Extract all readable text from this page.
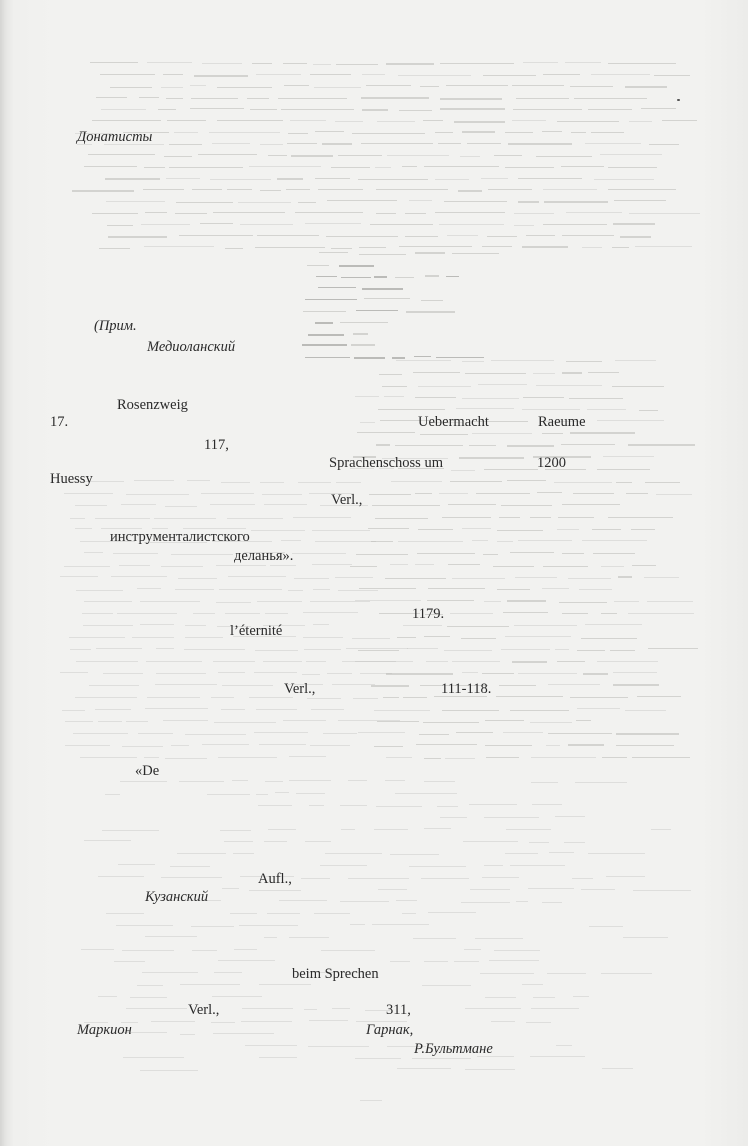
Донатисты
(Прим.
Медиоланский
Rosenzweig
17.	Uebermacht	Raeume
117,
Sprachenschoss um	1200
Huessy
Verl.,
инструменталистского
деланья».
1179.
l’éternité
Verl.,	111-118.
«De
Aufl.,
Кузанский
beim Sprechen
Verl.,	311,
Маркион	Гарнак,
Р.Бультмане
